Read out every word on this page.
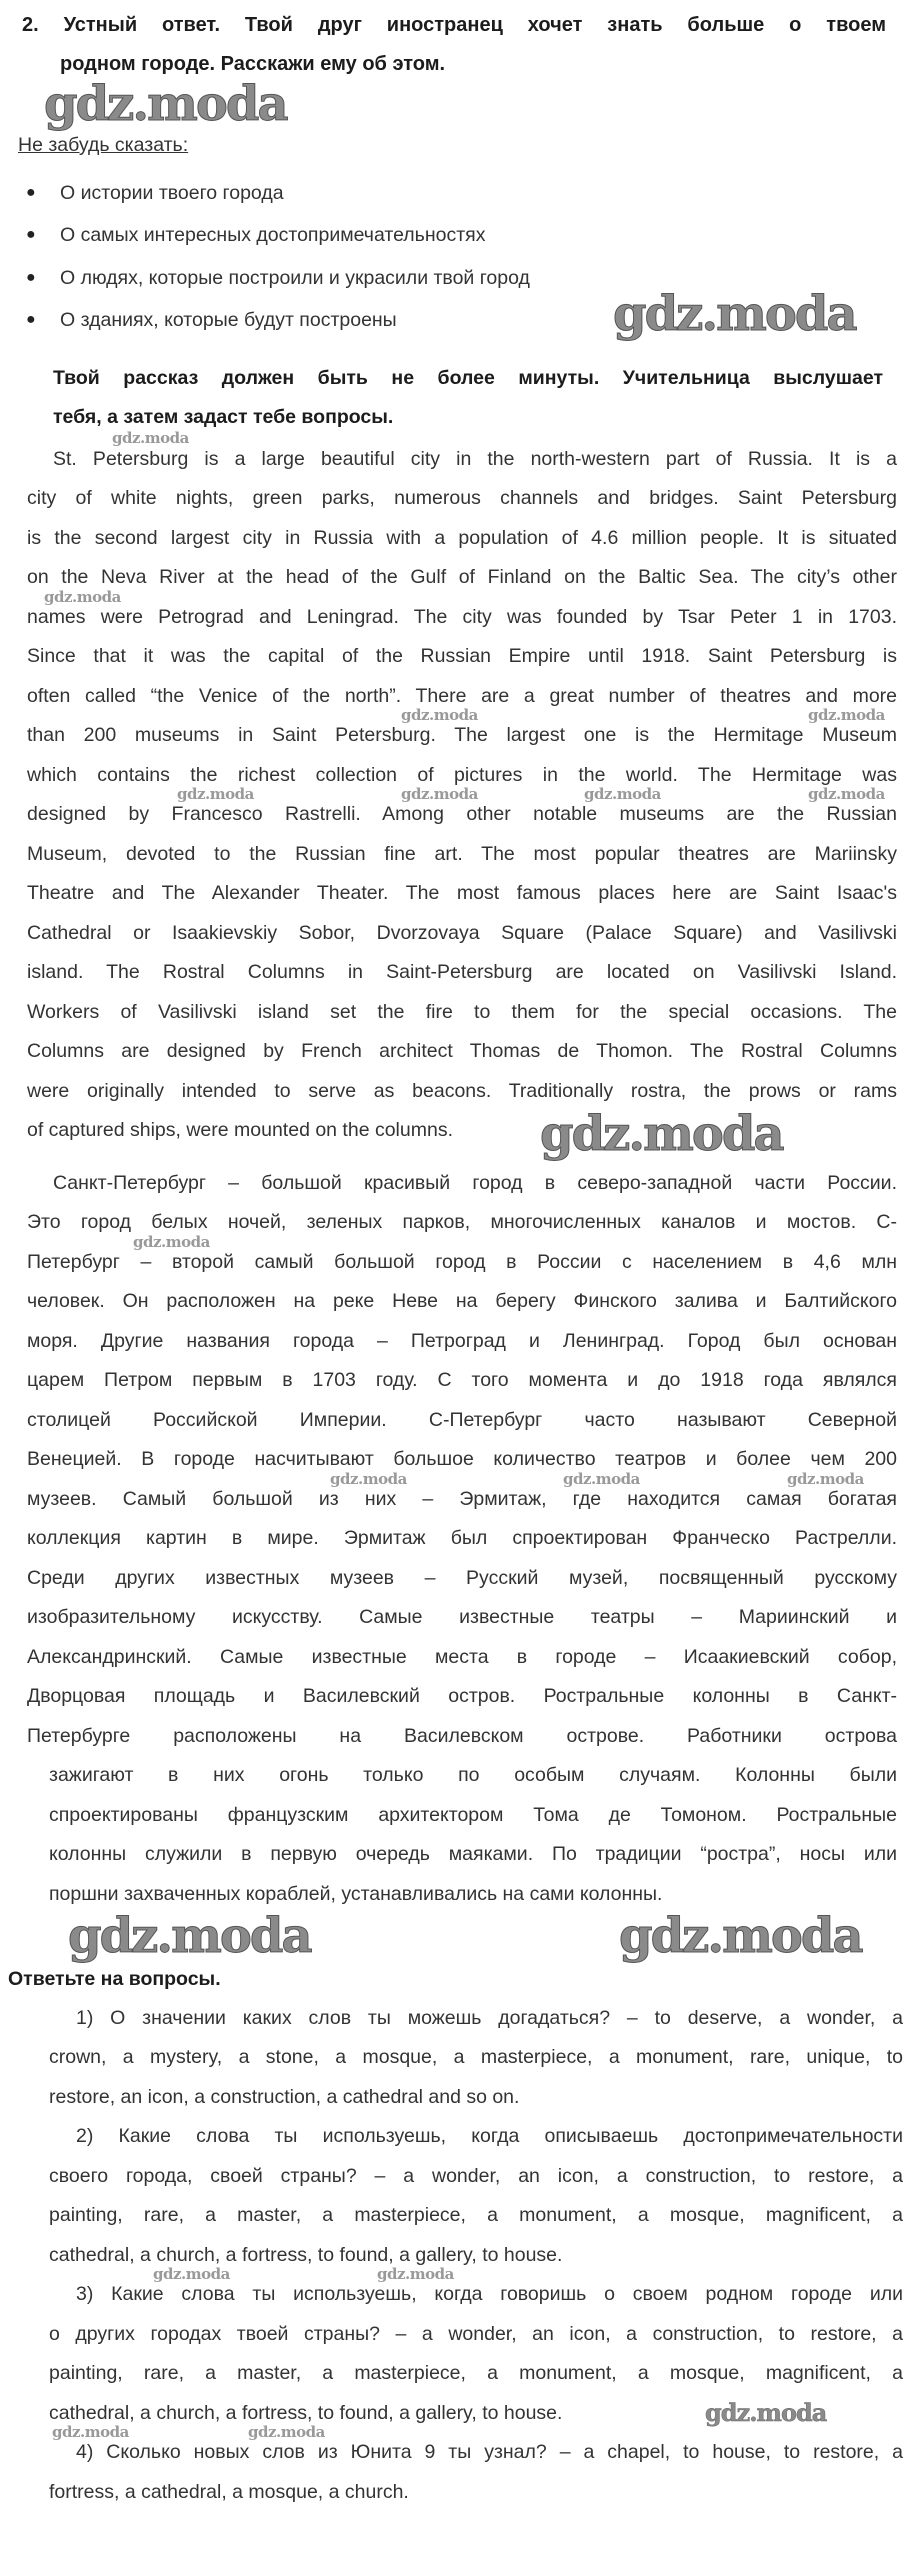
2. Устный ответ. Твой друг иностранец хочет знать больше о твоем
родном городе. Расскажи ему об этом.
Не забудь сказать:
● О истории твоего города
● О самых интересных достопримечательностях
● О людях, которые построили и украсили твой город
● О зданиях, которые будут построены
Твой рассказ должен быть не более минуты. Учительница выслушает
тебя, а затем задаст тебе вопросы.
St. Petersburg is a large beautiful city in the north-western part of Russia. It is a
city of white nights, green parks, numerous channels and bridges. Saint Petersburg
is the second largest city in Russia with a population of 4.6 million people. It is situated
on the Neva River at the head of the Gulf of Finland on the Baltic Sea. The city’s other
names were Petrograd and Leningrad. The city was founded by Tsar Peter 1 in 1703.
Since that it was the capital of the Russian Empire until 1918. Saint Petersburg is
often called “the Venice of the north”. There are a great number of theatres and more
than 200 museums in Saint Petersburg. The largest one is the Hermitage Museum
which contains the richest collection of pictures in the world. The Hermitage was
designed by Francesco Rastrelli. Among other notable museums are the Russian
Museum, devoted to the Russian fine art. The most popular theatres are Mariinsky
Theatre and The Alexander Theater. The most famous places here are Saint Isaac's
Cathedral or Isaakievskiy Sobor, Dvorzovaya Square (Palace Square) and Vasilivski
island. The Rostral Columns in Saint-Petersburg are located on Vasilivski Island.
Workers of Vasilivski island set the fire to them for the special occasions. The
Columns are designed by French architect Thomas de Thomon. The Rostral Columns
were originally intended to serve as beacons. Traditionally rostra, the prows or rams
of captured ships, were mounted on the columns.
Санкт-Петербург – большой красивый город в северо-западной части России.
Это город белых ночей, зеленых парков, многочисленных каналов и мостов. С-
Петербург – второй самый большой город в России с населением в 4,6 млн
человек. Он расположен на реке Неве на берегу Финского залива и Балтийского
моря. Другие названия города – Петроград и Ленинград. Город был основан
царем Петром первым в 1703 году. С того момента и до 1918 года являлся
столицей Российской Империи. С-Петербург часто называют Северной
Венецией. В городе насчитывают большое количество театров и более чем 200
музеев. Самый большой из них – Эрмитаж, где находится самая богатая
коллекция картин в мире. Эрмитаж был спроектирован Франческо Растрелли.
Среди других известных музеев – Русский музей, посвященный русскому
изобразительному искусству. Самые известные театры – Мариинский и
Александринский. Самые известные места в городе – Исаакиевский собор,
Дворцовая площадь и Василевский остров. Ростральные колонны в Санкт-
Петербурге расположены на Василевском острове. Работники острова
зажигают в них огонь только по особым случаям. Колонны были
спроектированы французским архитектором Тома де Томоном. Ростральные
колонны служили в первую очередь маяками. По традиции “ростра”, носы или
поршни захваченных кораблей, устанавливались на сами колонны.
Ответьте на вопросы.
1) О значении каких слов ты можешь догадаться? – to deserve, a wonder, a
crown, a mystery, a stone, a mosque, a masterpiece, a monument, rare, unique, to
restore, an icon, a construction, a cathedral and so on.
2) Какие слова ты используешь, когда описываешь достопримечательности
своего города, своей страны? – a wonder, an icon, a construction, to restore, a
painting, rare, a master, a masterpiece, a monument, a mosque, magnificent, a
cathedral, a church, a fortress, to found, a gallery, to house.
3) Какие слова ты используешь, когда говоришь о своем родном городе или
о других городах твоей страны? – a wonder, an icon, a construction, to restore, a
painting, rare, a master, a masterpiece, a monument, a mosque, magnificent, a
cathedral, a church, a fortress, to found, a gallery, to house.
4) Сколько новых слов из Юнита 9 ты узнал? – a chapel, to house, to restore, a
fortress, a cathedral, a mosque, a church.
gdz.moda
gdz.moda
gdz.moda
gdz.moda	gdz.moda
gdz.moda
gdz.moda
gdz.moda
gdz.moda	gdz.moda
gdz.moda	gdz.moda	gdz.moda	gdz.moda
gdz.moda
gdz.moda	gdz.moda	gdz.moda
gdz.moda	gdz.moda
gdz.moda	gdz.moda
